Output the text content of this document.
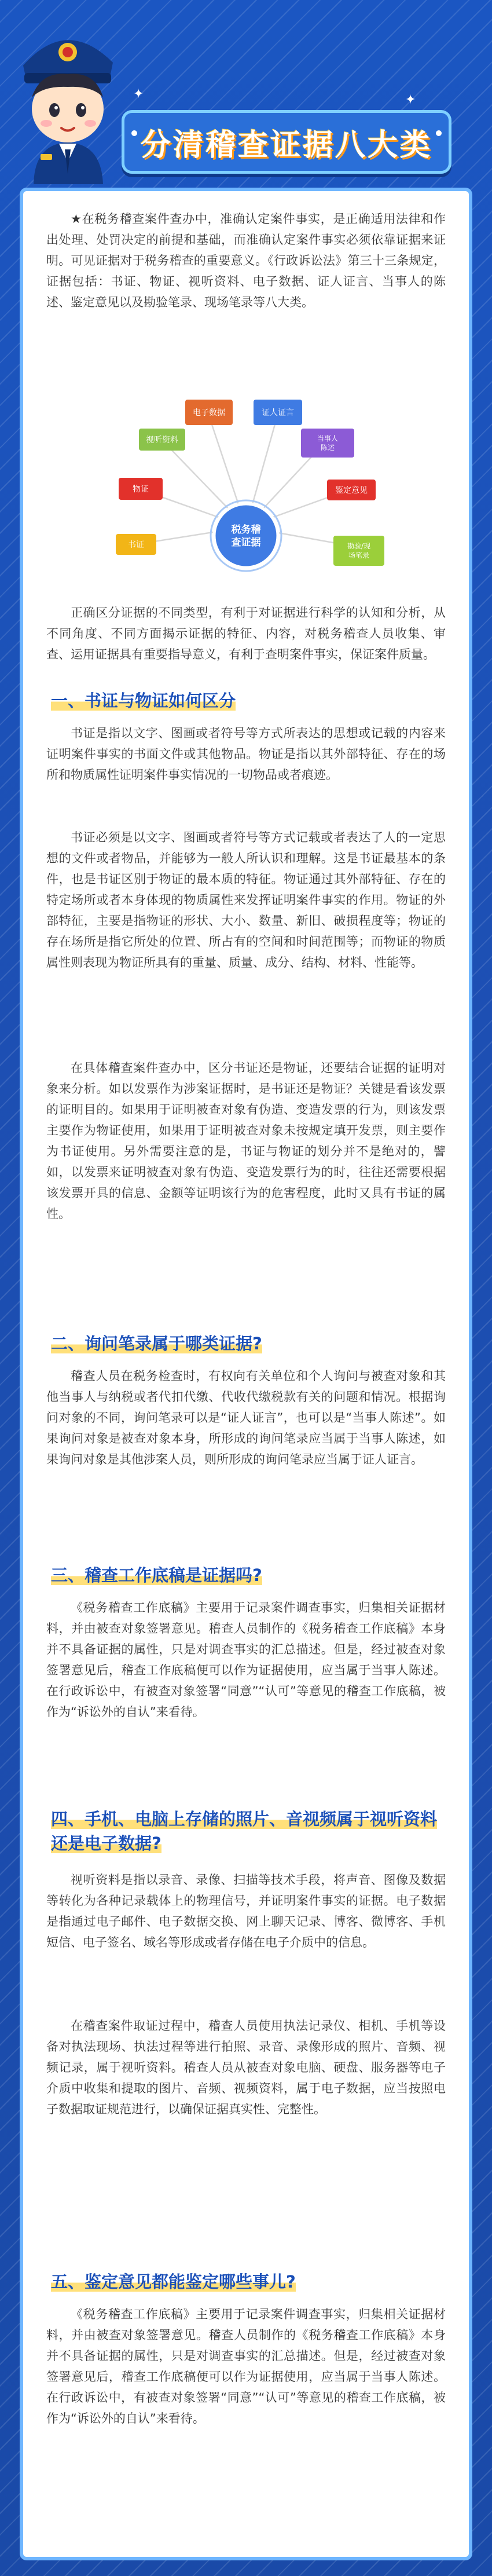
✦	✦
分清稽查证据八大类

★在税务稽查案件查办中，准确认定案件事实，是正确适用法律和作出处理、处罚决定的前提和基础，而准确认定案件事实必须依靠证据来证明。可见证据对于税务稽查的重要意义。《行政诉讼法》第三十三条规定，证据包括：书证、物证、视听资料、电子数据、证人证言、当事人的陈述、鉴定意见以及勘验笔录、现场笔录等八大类。

书证
物证
视听资料
电子数据	证人证言
当事人陈述
鉴定意见
勘验/现场笔录
税务稽查证据

正确区分证据的不同类型，有利于对证据进行科学的认知和分析，从不同角度、不同方面揭示证据的特征、内容，对税务稽查人员收集、审查、运用证据具有重要指导意义，有利于查明案件事实，保证案件质量。

一、书证与物证如何区分

书证是指以文字、图画或者符号等方式所表达的思想或记载的内容来证明案件事实的书面文件或其他物品。物证是指以其外部特征、存在的场所和物质属性证明案件事实情况的一切物品或者痕迹。

书证必须是以文字、图画或者符号等方式记载或者表达了人的一定思想的文件或者物品，并能够为一般人所认识和理解。这是书证最基本的条件，也是书证区别于物证的最本质的特征。物证通过其外部特征、存在的特定场所或者本身体现的物质属性来发挥证明案件事实的作用。物证的外部特征，主要是指物证的形状、大小、数量、新旧、破损程度等；物证的存在场所是指它所处的位置、所占有的空间和时间范围等；而物证的物质属性则表现为物证所具有的重量、质量、成分、结构、材料、性能等。

在具体稽查案件查办中，区分书证还是物证，还要结合证据的证明对象来分析。如以发票作为涉案证据时，是书证还是物证？关键是看该发票的证明目的。如果用于证明被查对象有伪造、变造发票的行为，则该发票主要作为物证使用，如果用于证明被查对象未按规定填开发票，则主要作为书证使用。另外需要注意的是，书证与物证的划分并不是绝对的，譬如，以发票来证明被查对象有伪造、变造发票行为的时，往往还需要根据该发票开具的信息、金额等证明该行为的危害程度，此时又具有书证的属性。

二、询问笔录属于哪类证据?

稽查人员在税务检查时，有权向有关单位和个人询问与被查对象和其他当事人与纳税或者代扣代缴、代收代缴税款有关的问题和情况。根据询问对象的不同，询问笔录可以是“证人证言”，也可以是“当事人陈述”。如果询问对象是被查对象本身，所形成的询问笔录应当属于当事人陈述，如果询问对象是其他涉案人员，则所形成的询问笔录应当属于证人证言。

三、稽查工作底稿是证据吗?

《税务稽查工作底稿》主要用于记录案件调查事实，归集相关证据材料，并由被查对象签署意见。稽查人员制作的《税务稽查工作底稿》本身并不具备证据的属性，只是对调查事实的汇总描述。但是，经过被查对象签署意见后，稽查工作底稿便可以作为证据使用，应当属于当事人陈述。在行政诉讼中，有被查对象签署“同意”“认可”等意见的稽查工作底稿，被作为“诉讼外的自认”来看待。

四、手机、电脑上存储的照片、音视频属于视听资料还是电子数据?

视听资料是指以录音、录像、扫描等技术手段，将声音、图像及数据等转化为各种记录载体上的物理信号，并证明案件事实的证据。电子数据是指通过电子邮件、电子数据交换、网上聊天记录、博客、微博客、手机短信、电子签名、域名等形成或者存储在电子介质中的信息。

在稽查案件取证过程中，稽查人员使用执法记录仪、相机、手机等设备对执法现场、执法过程等进行拍照、录音、录像形成的照片、音频、视频记录，属于视听资料。稽查人员从被查对象电脑、硬盘、服务器等电子介质中收集和提取的图片、音频、视频资料，属于电子数据，应当按照电子数据取证规范进行，以确保证据真实性、完整性。

五、鉴定意见都能鉴定哪些事儿?

《税务稽查工作底稿》主要用于记录案件调查事实，归集相关证据材料，并由被查对象签署意见。稽查人员制作的《税务稽查工作底稿》本身并不具备证据的属性，只是对调查事实的汇总描述。但是，经过被查对象签署意见后，稽查工作底稿便可以作为证据使用，应当属于当事人陈述。在行政诉讼中，有被查对象签署“同意”“认可”等意见的稽查工作底稿，被作为“诉讼外的自认”来看待。
